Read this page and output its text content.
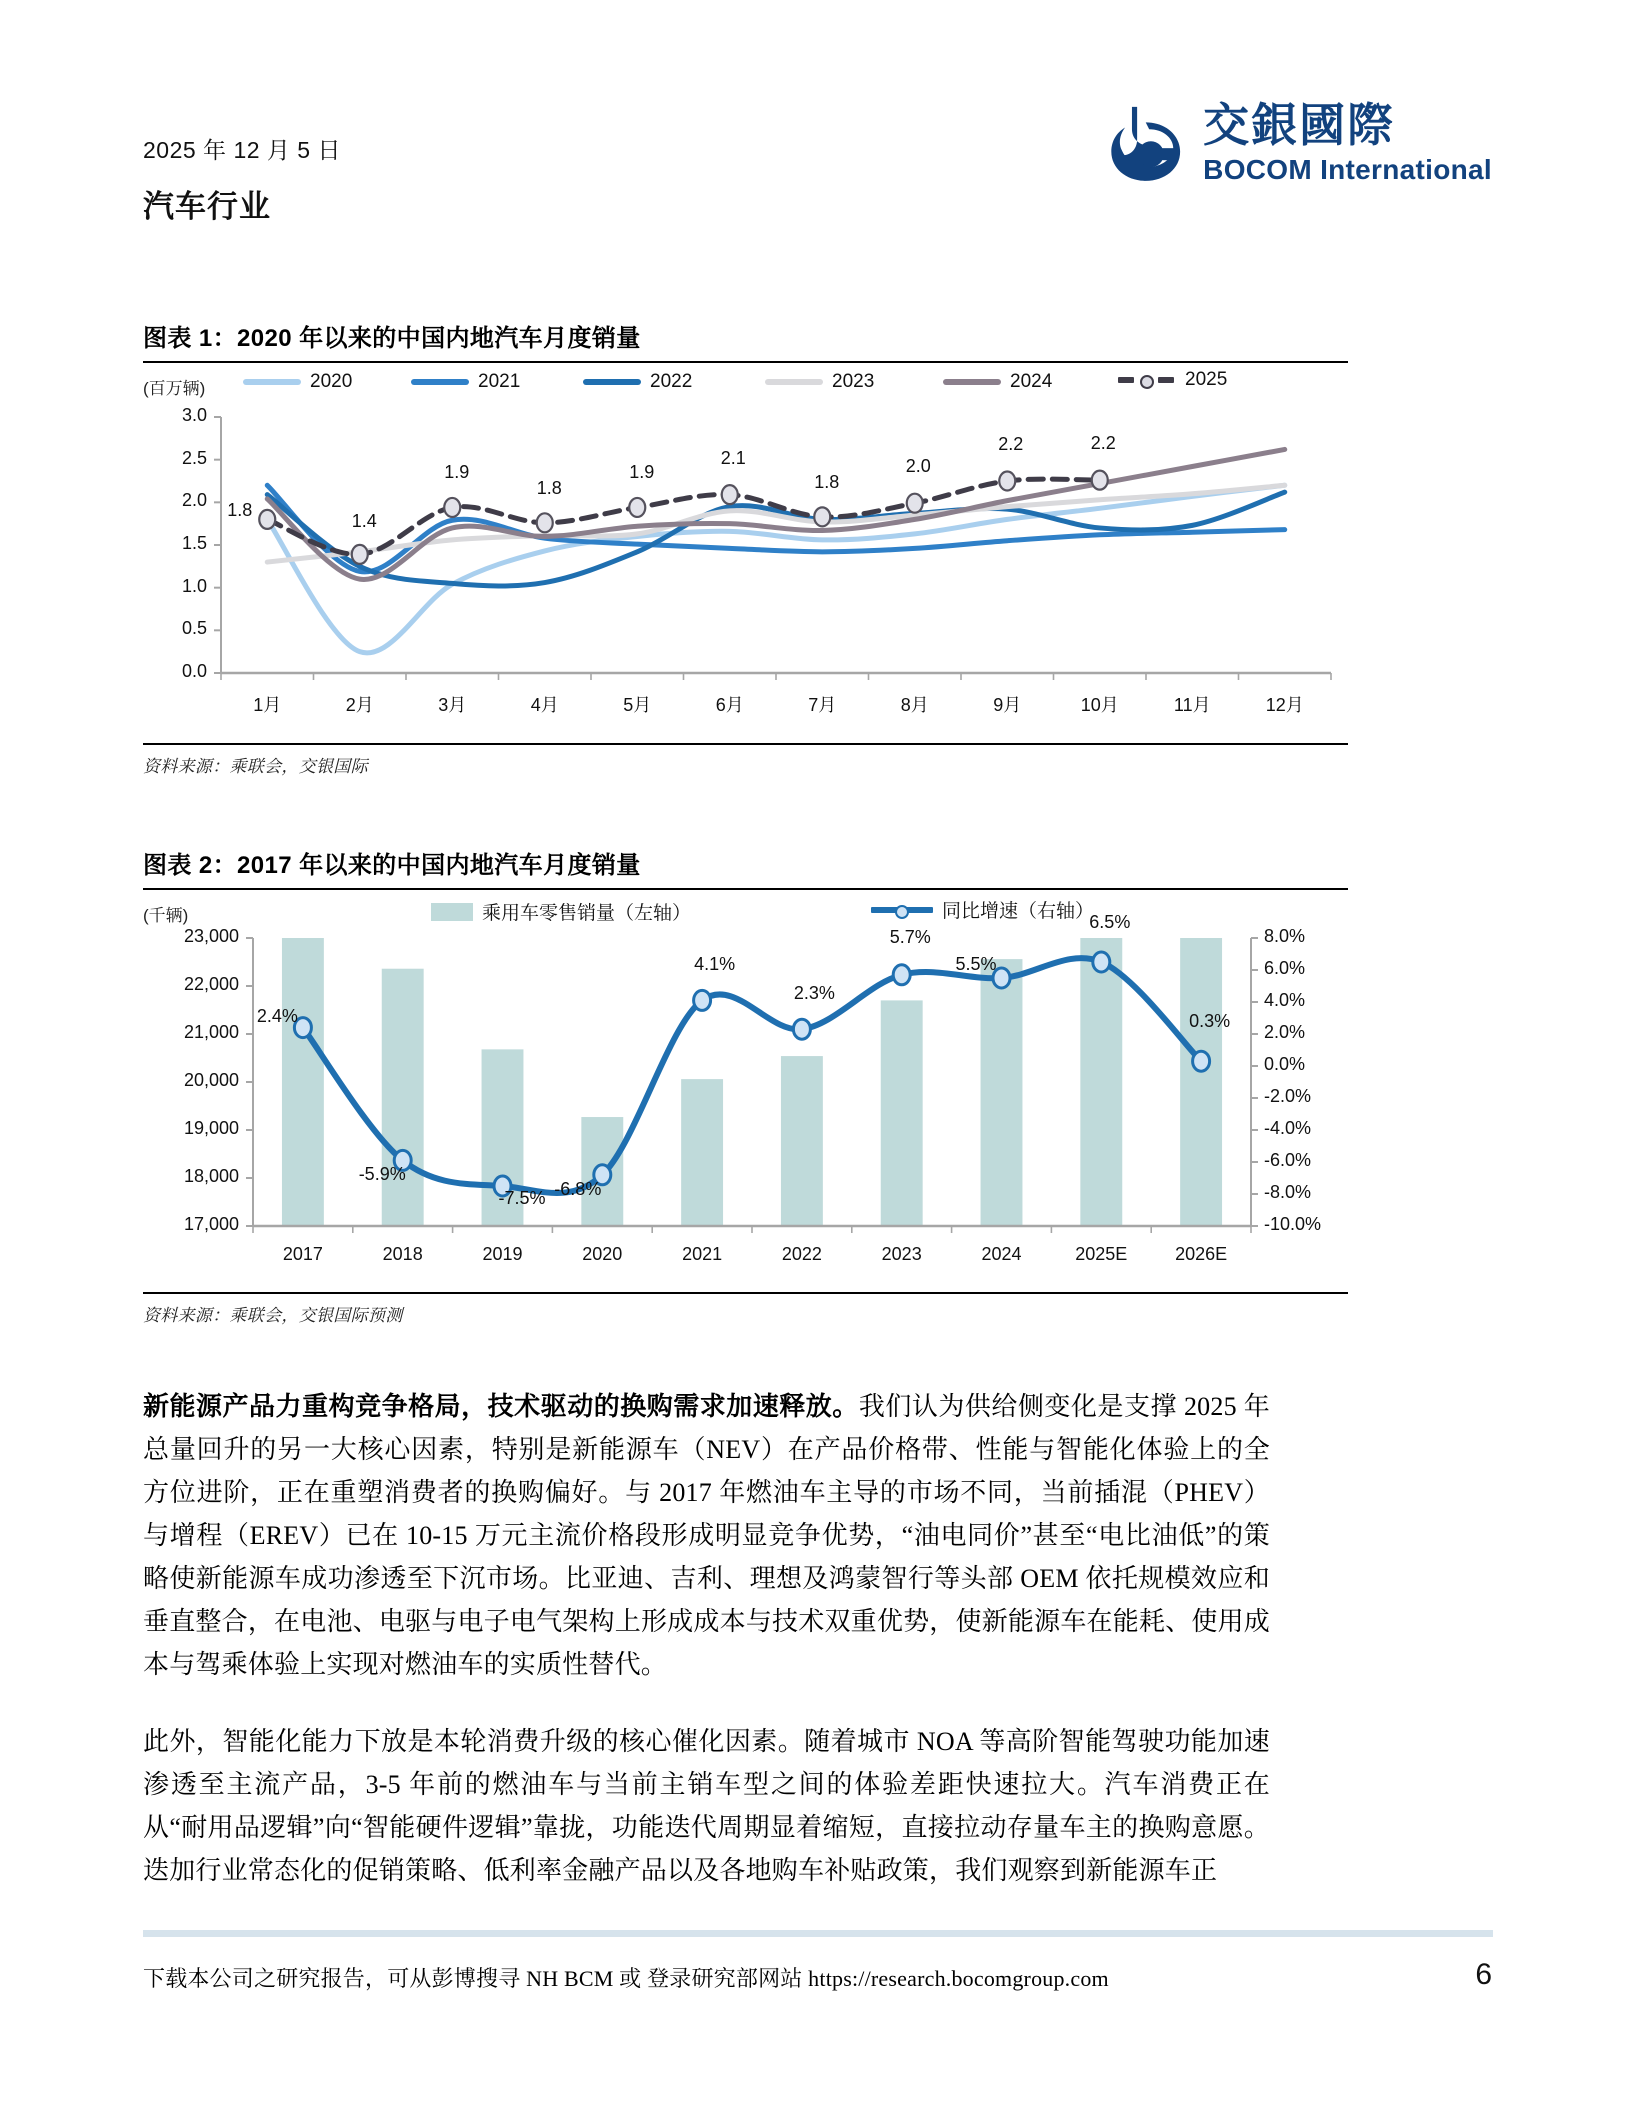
2025 年 12 月 5 日
汽车行业
交銀國際
BOCOM International
图表 1：2020 年以来的中国内地汽车月度销量
(百万辆)	2020	2021	2022	2023	2024	2025
0.0
0.5
1.0
1.5
2.0
2.5
3.0
1月	2月	3月	4月	5月	6月	7月	8月	9月	10月	11月	12月
1.8
1.4
1.9
1.8
1.9
2.1
1.8
2.0
2.2	2.2
资料来源：乘联会，交银国际
图表 2：2017 年以来的中国内地汽车月度销量
(千辆)	乘用车零售销量（左轴）	同比增速（右轴）
17,000
18,000
19,000
20,000
21,000
22,000
23,000
-10.0%
-8.0%
-6.0%
-4.0%
-2.0%
0.0%
2.0%
4.0%
6.0%
8.0%
2017	2018	2019	2020	2021	2022	2023	2024	2025E	2026E
2.4%
-5.9%
-7.5% -6.8%
4.1%
2.3%
5.7%
5.5%
6.5%
0.3%
资料来源：乘联会，交银国际预测
新能源产品力重构竞争格局，技术驱动的换购需求加速释放。我们认为供给侧变化是支撑 2025 年总量回升的另一大核心因素，特别是新能源车（NEV）在产品价格带、性能与智能化体验上的全方位进阶，正在重塑消费者的换购偏好。与 2017 年燃油车主导的市场不同，当前插混（PHEV）与增程（EREV）已在 10-15 万元主流价格段形成明显竞争优势，“油电同价”甚至“电比油低”的策略使新能源车成功渗透至下沉市场。比亚迪、吉利、理想及鸿蒙智行等头部 OEM 依托规模效应和垂直整合，在电池、电驱与电子电气架构上形成成本与技术双重优势，使新能源车在能耗、使用成本与驾乘体验上实现对燃油车的实质性替代。
此外，智能化能力下放是本轮消费升级的核心催化因素。随着城市 NOA 等高阶智能驾驶功能加速渗透至主流产品，3-5 年前的燃油车与当前主销车型之间的体验差距快速拉大。汽车消费正在从“耐用品逻辑”向“智能硬件逻辑”靠拢，功能迭代周期显着缩短，直接拉动存量车主的换购意愿。迭加行业常态化的促销策略、低利率金融产品以及各地购车补贴政策，我们观察到新能源车正
下载本公司之研究报告，可从彭博搜寻 NH BCM 或 登录研究部网站 https://research.bocomgroup.com	6
